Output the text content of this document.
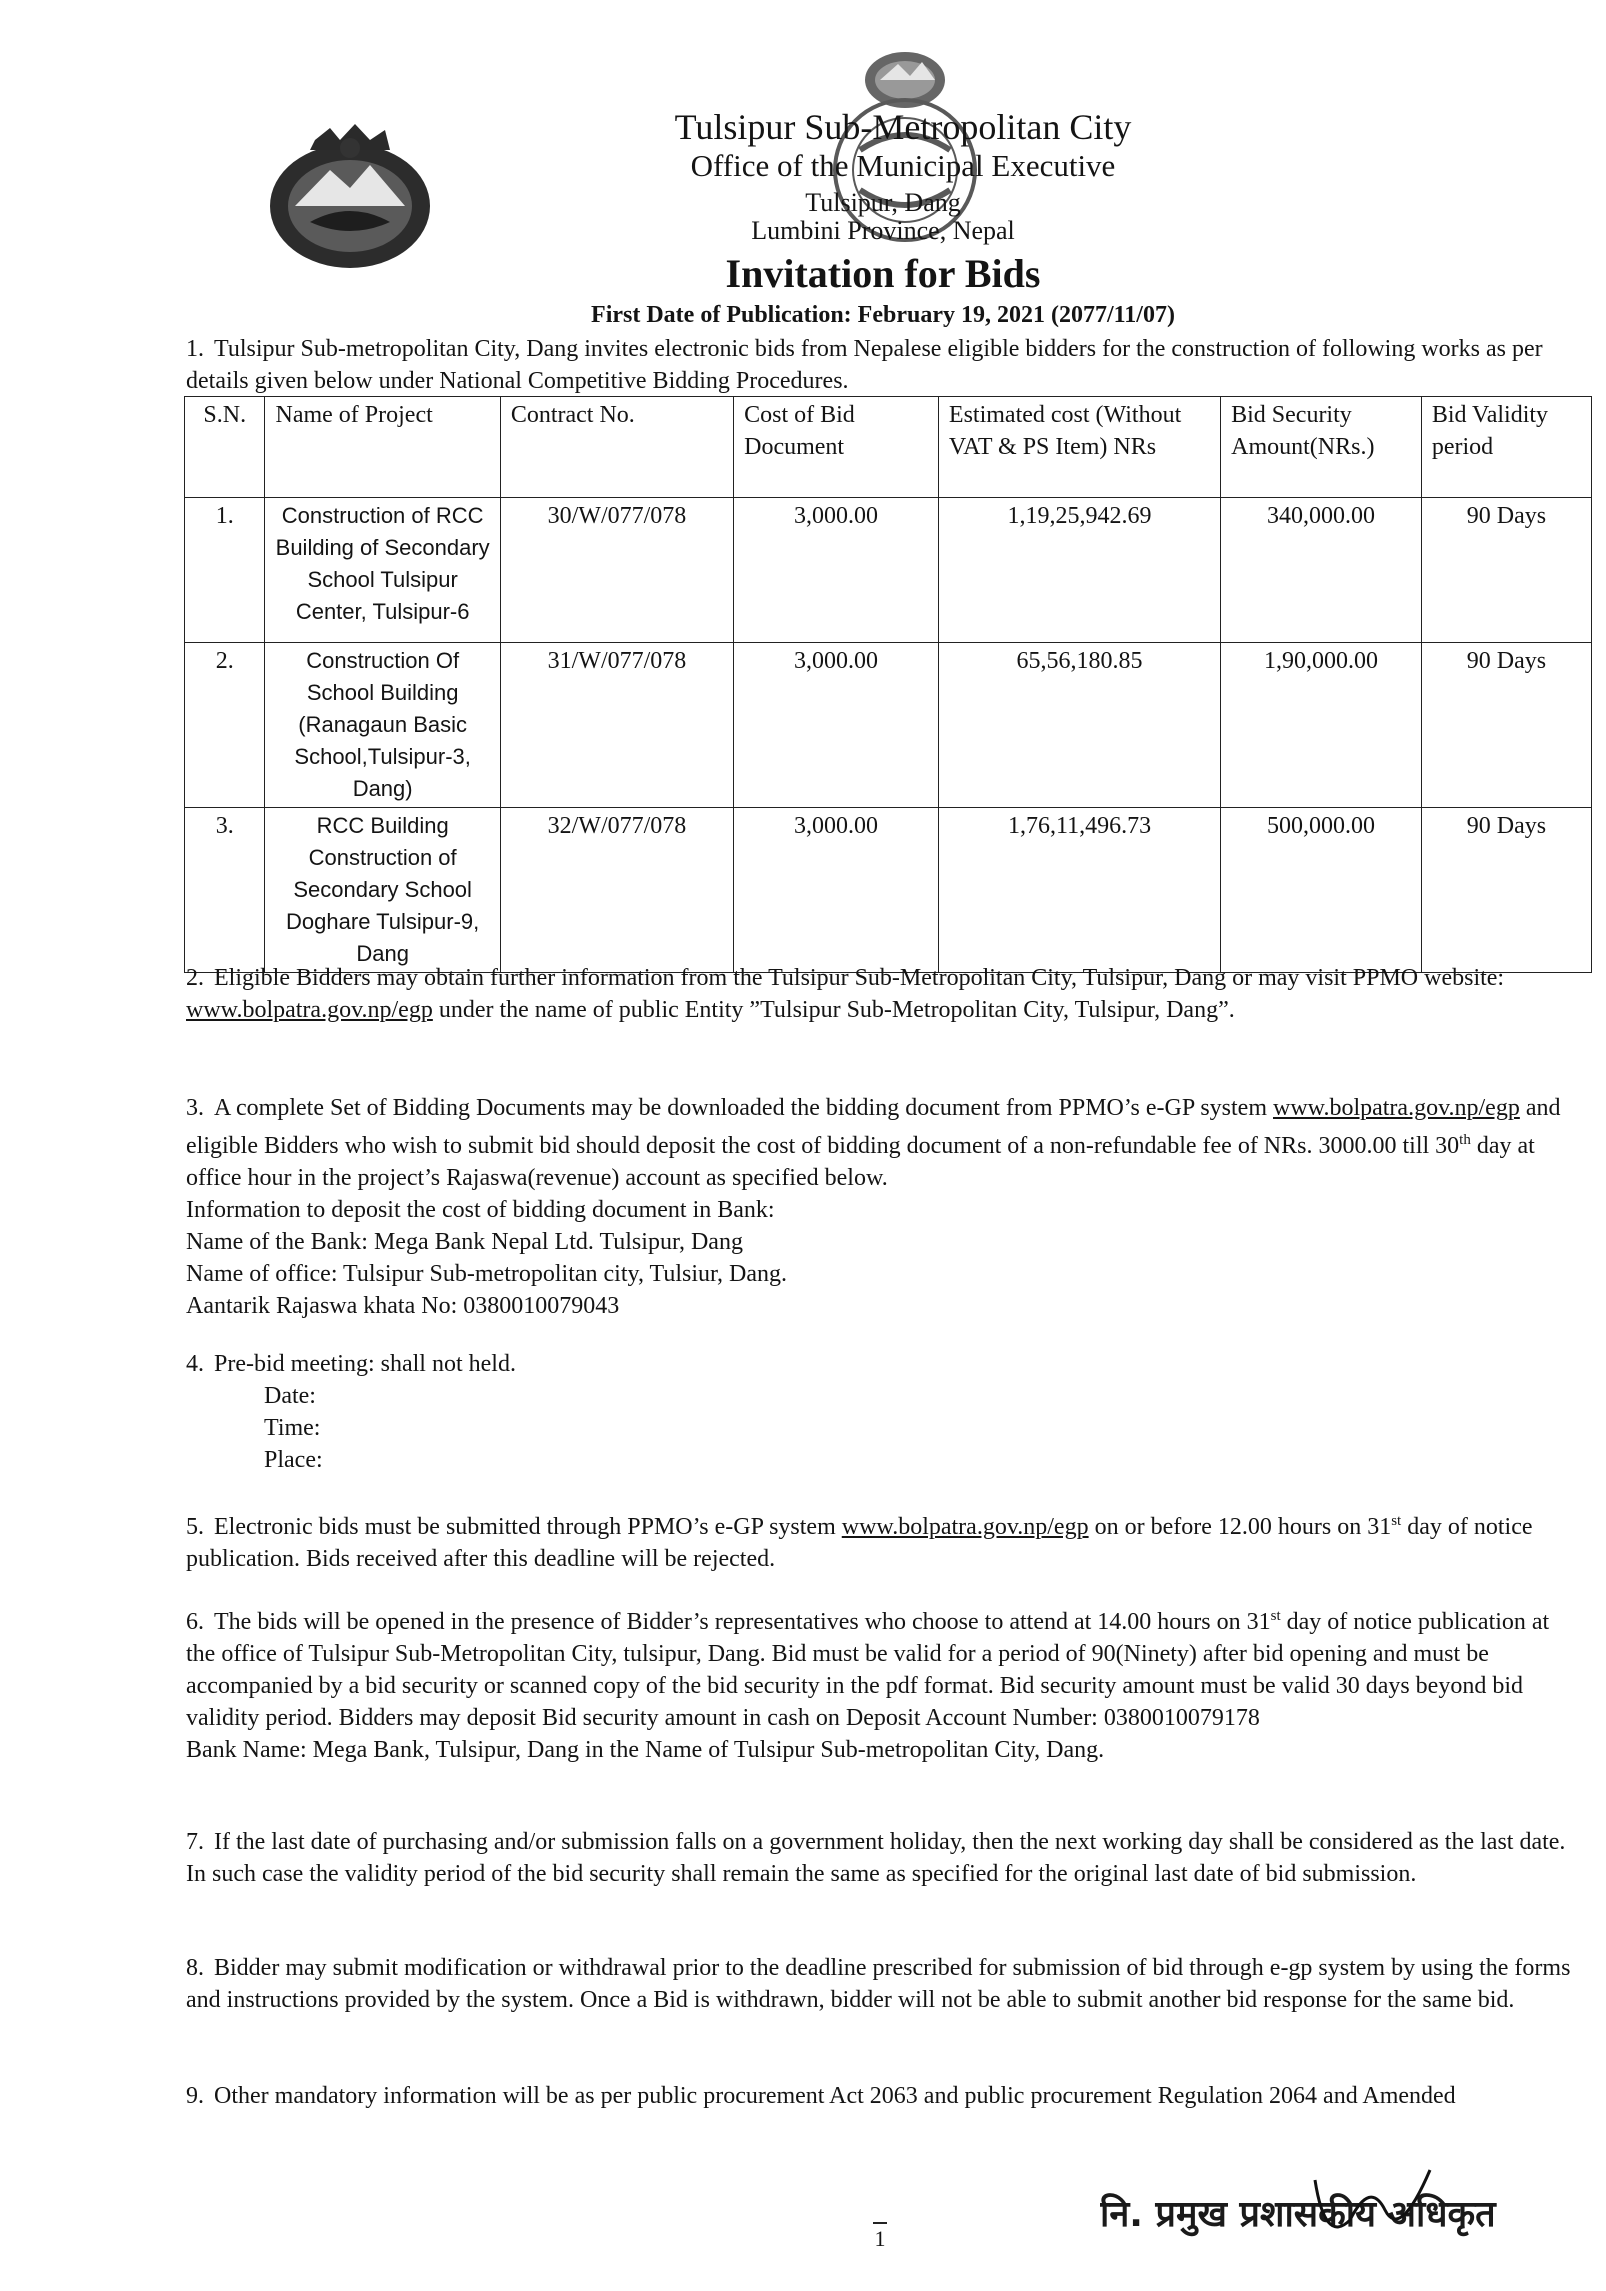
Tulsipur Sub-Metropolitan City
Office of the Municipal Executive
Tulsipur, Dang
Lumbini Province, Nepal
Invitation for Bids
First Date of Publication: February 19, 2021 (2077/11/07)
1. Tulsipur Sub-metropolitan City, Dang invites electronic bids from Nepalese eligible bidders for the construction of following works as per details given below under National Competitive Bidding Procedures.
S.N.	Name of Project	Contract No.	Cost of Bid Document	Estimated cost (Without VAT & PS Item) NRs	Bid Security Amount(NRs.)	Bid Validity period
1.	Construction of RCC Building of Secondary School Tulsipur Center, Tulsipur-6	30/W/077/078	3,000.00	1,19,25,942.69	340,000.00	90 Days
2.	Construction Of School Building (Ranagaun Basic School,Tulsipur-3, Dang)	31/W/077/078	3,000.00	65,56,180.85	1,90,000.00	90 Days
3.	RCC Building Construction of Secondary School Doghare Tulsipur-9, Dang	32/W/077/078	3,000.00	1,76,11,496.73	500,000.00	90 Days
2. Eligible Bidders may obtain further information from the Tulsipur Sub-Metropolitan City, Tulsipur, Dang or may visit PPMO website: www.bolpatra.gov.np/egp under the name of public Entity ”Tulsipur Sub-Metropolitan City, Tulsipur, Dang”.
3. A complete Set of Bidding Documents may be downloaded the bidding document from PPMO’s e-GP system www.bolpatra.gov.np/egp and eligible Bidders who wish to submit bid should deposit the cost of bidding document of a non-refundable fee of NRs. 3000.00 till 30th day at office hour in the project’s Rajaswa(revenue) account as specified below.
Information to deposit the cost of bidding document in Bank:
Name of the Bank: Mega Bank Nepal Ltd. Tulsipur, Dang
Name of office: Tulsipur Sub-metropolitan city, Tulsiur, Dang.
Aantarik Rajaswa khata No: 0380010079043
4. Pre-bid meeting: shall not held.
Date:
Time:
Place:
5. Electronic bids must be submitted through PPMO’s e-GP system www.bolpatra.gov.np/egp on or before 12.00 hours on 31st day of notice publication. Bids received after this deadline will be rejected.
6. The bids will be opened in the presence of Bidder’s representatives who choose to attend at 14.00 hours on 31st day of notice publication at the office of Tulsipur Sub-Metropolitan City, tulsipur, Dang. Bid must be valid for a period of 90(Ninety) after bid opening and must be accompanied by a bid security or scanned copy of the bid security in the pdf format. Bid security amount must be valid 30 days beyond bid validity period. Bidders may deposit Bid security amount in cash on Deposit Account Number: 0380010079178
Bank Name: Mega Bank, Tulsipur, Dang in the Name of Tulsipur Sub-metropolitan City, Dang.
7. If the last date of purchasing and/or submission falls on a government holiday, then the next working day shall be considered as the last date. In such case the validity period of the bid security shall remain the same as specified for the original last date of bid submission.
8. Bidder may submit modification or withdrawal prior to the deadline prescribed for submission of bid through e-gp system by using the forms and instructions provided by the system. Once a Bid is withdrawn, bidder will not be able to submit another bid response for the same bid.
9. Other mandatory information will be as per public procurement Act 2063 and public procurement Regulation 2064 and Amended
नि. प्रमुख प्रशासकीय अधिकृत
1
